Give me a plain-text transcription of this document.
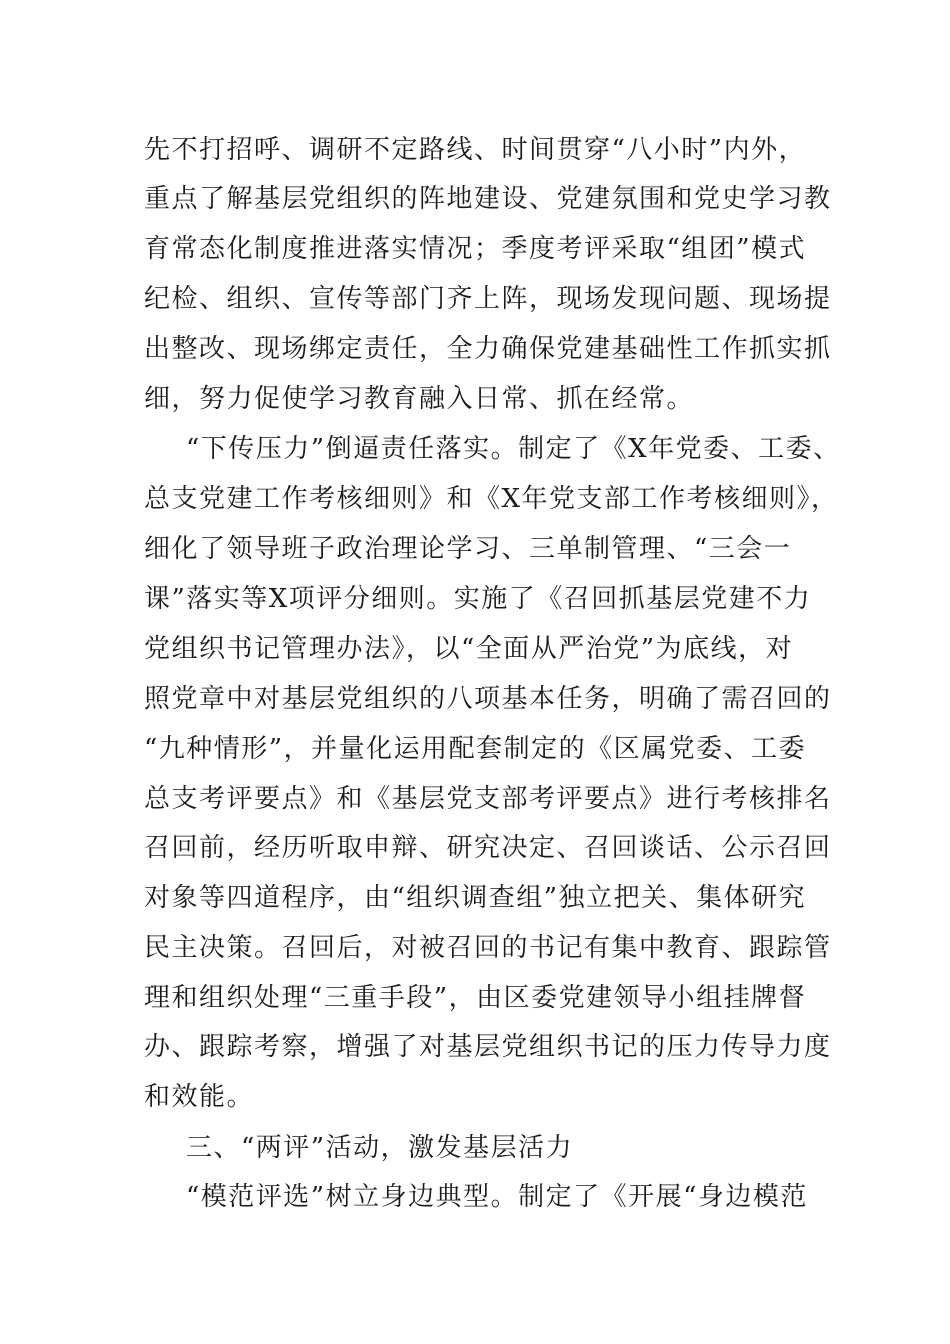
先不打招呼、调研不定路线、时间贯穿“八小时”内外，
重点了解基层党组织的阵地建设、党建氛围和党史学习教
育常态化制度推进落实情况；季度考评采取“组团”模式
纪检、组织、宣传等部门齐上阵，现场发现问题、现场提
出整改、现场绑定责任，全力确保党建基础性工作抓实抓
细，努力促使学习教育融入日常、抓在经常。
“下传压力”倒逼责任落实。制定了《X年党委、工委、
总支党建工作考核细则》和《X年党支部工作考核细则》，
细化了领导班子政治理论学习、三单制管理、“三会一
课”落实等X项评分细则。实施了《召回抓基层党建不力
党组织书记管理办法》，以“全面从严治党”为底线，对
照党章中对基层党组织的八项基本任务，明确了需召回的
“九种情形”，并量化运用配套制定的《区属党委、工委
总支考评要点》和《基层党支部考评要点》进行考核排名
召回前，经历听取申辩、研究决定、召回谈话、公示召回
对象等四道程序，由“组织调查组”独立把关、集体研究
民主决策。召回后，对被召回的书记有集中教育、跟踪管
理和组织处理“三重手段”，由区委党建领导小组挂牌督
办、跟踪考察，增强了对基层党组织书记的压力传导力度
和效能。
三、“两评”活动，激发基层活力
“模范评选”树立身边典型。制定了《开展“身边模范
